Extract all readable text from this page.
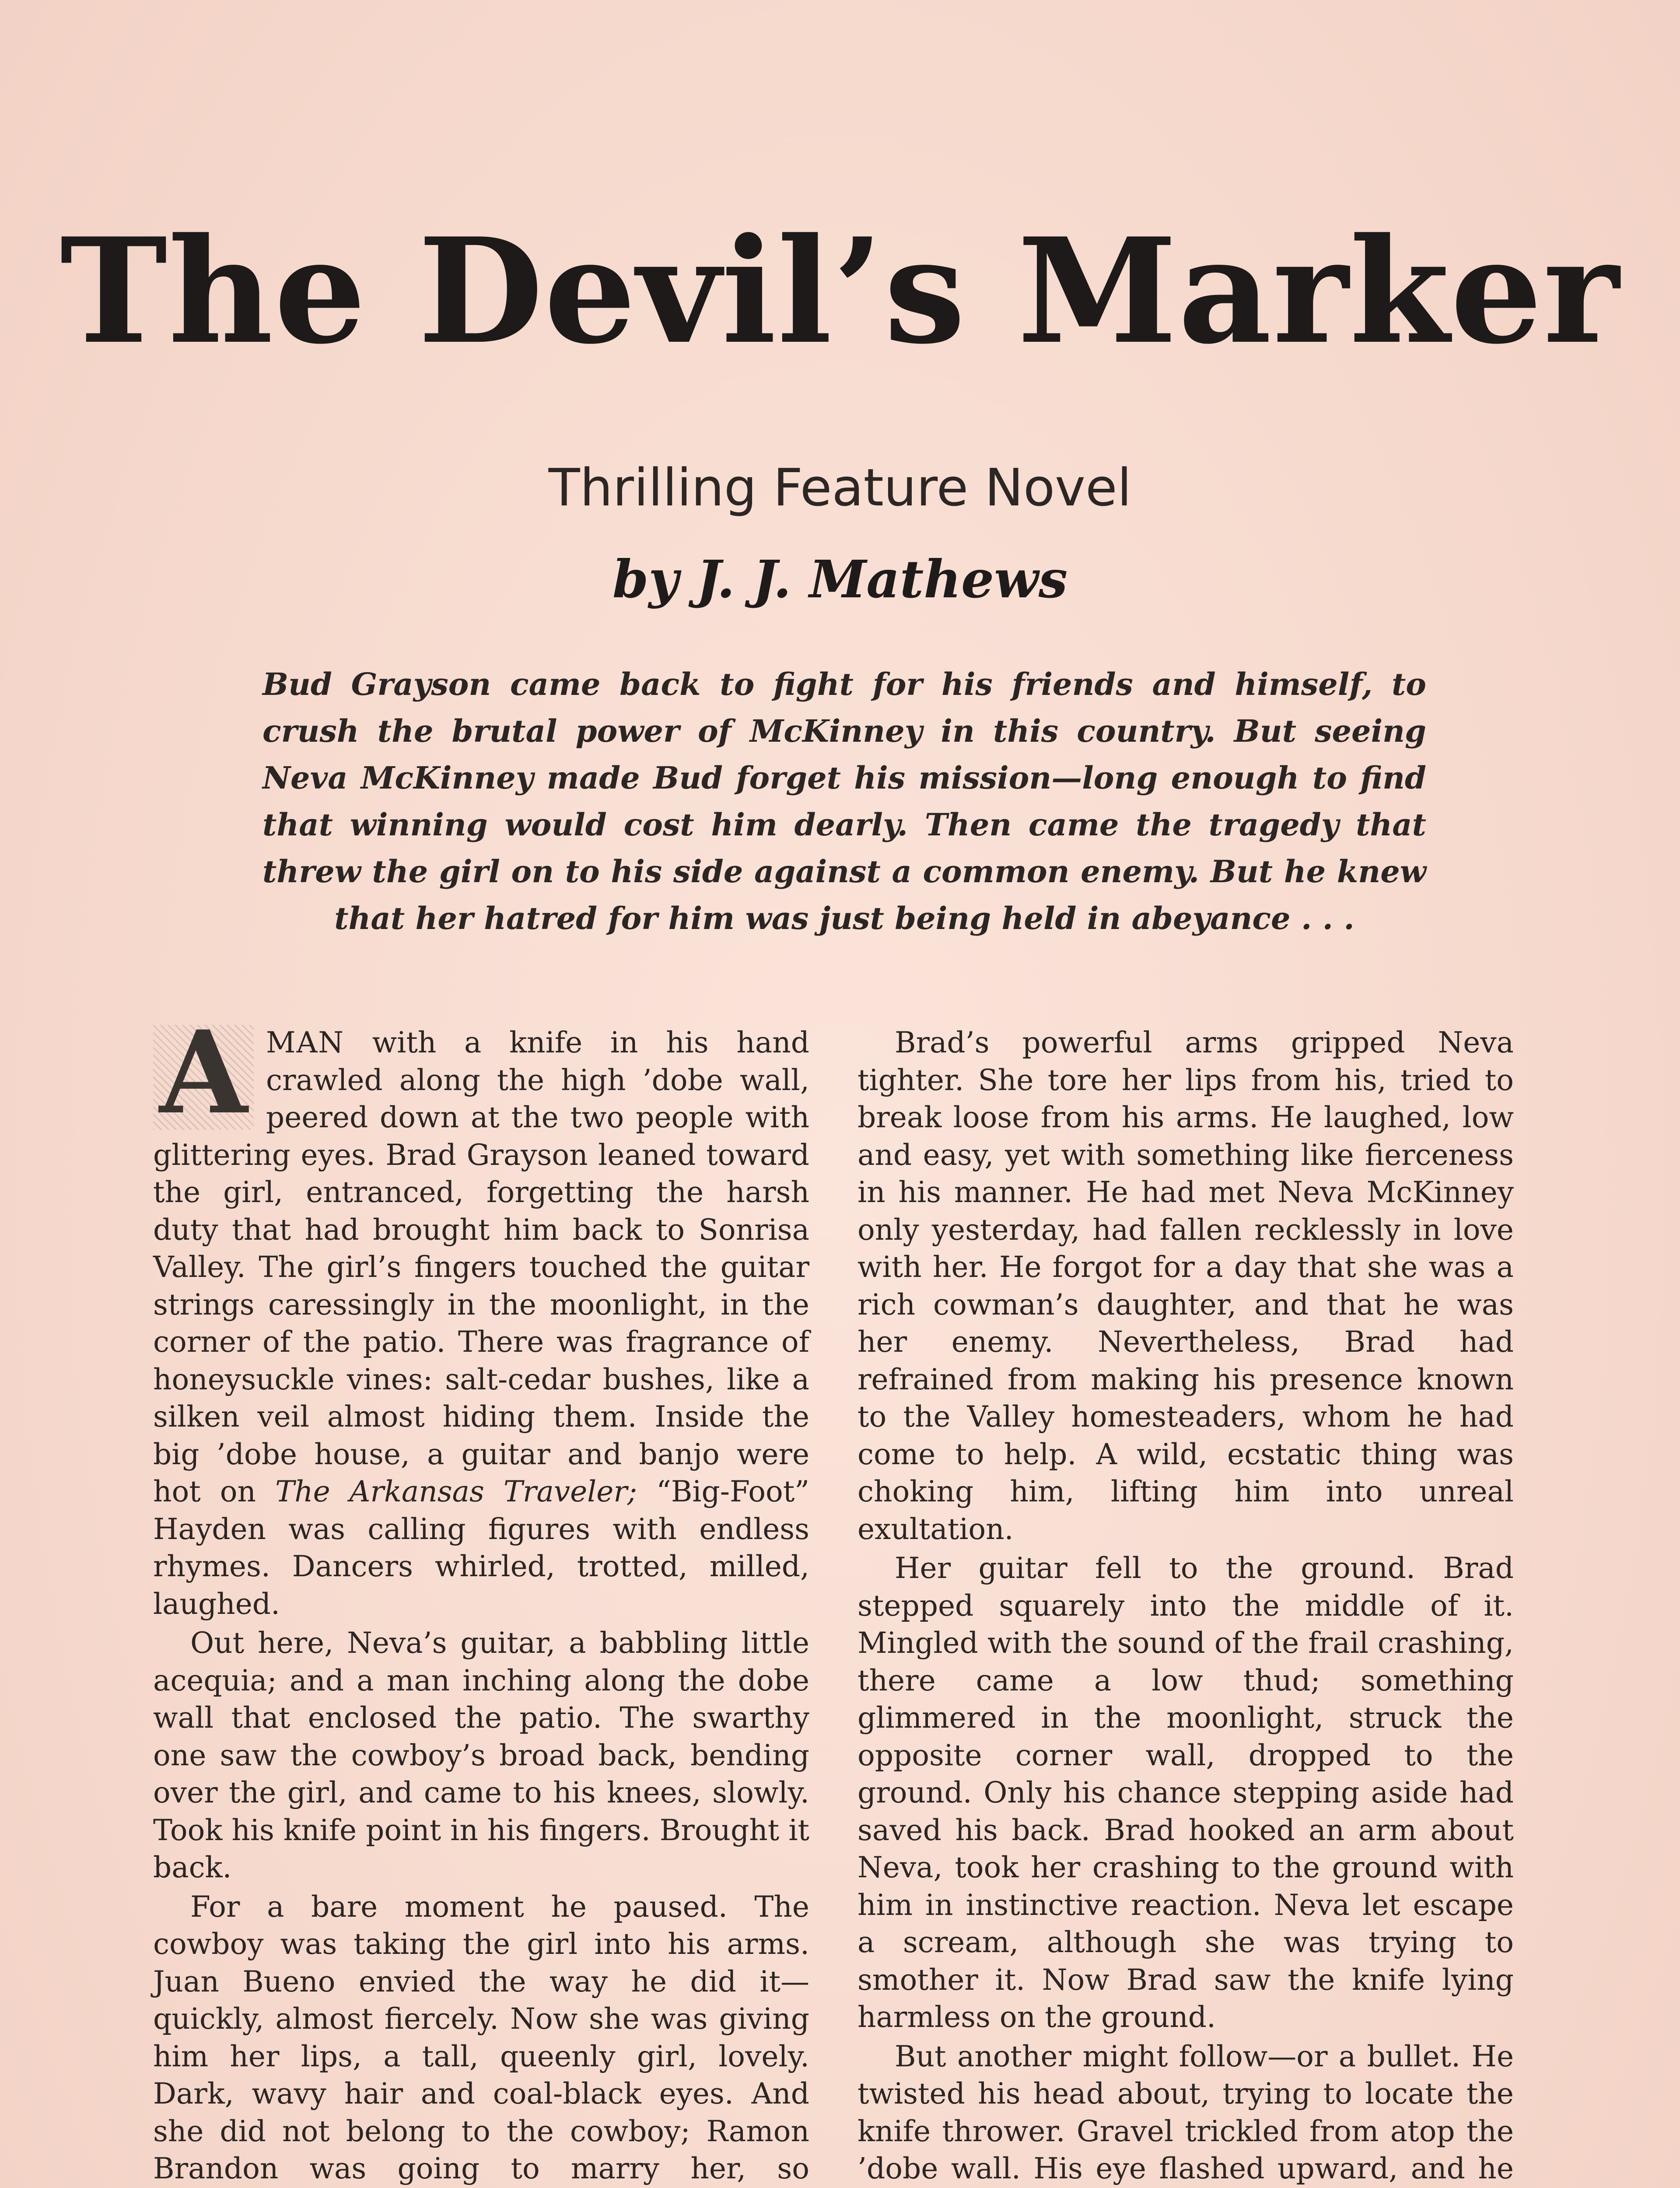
The Devil’s Marker
Thrilling Feature Novel
by J. J. Mathews
Bud Grayson came back to fight for his friends and himself, to crush the brutal power of McKinney in this country. But seeing Neva McKinney made Bud forget his mission—long enough to find that winning would cost him dearly. Then came the tragedy that threw the girl on to his side against a common enemy. But he knew that her hatred for him was just being held in abeyance . . .

A MAN with a knife in his hand crawled along the high ’dobe wall, peered down at the two people with glittering eyes. Brad Grayson leaned toward the girl, entranced, forgetting the harsh duty that had brought him back to Sonrisa Valley. The girl’s fingers touched the guitar strings caressingly in the moonlight, in the corner of the patio. There was fragrance of honeysuckle vines: salt-cedar bushes, like a silken veil almost hiding them. Inside the big ’dobe house, a guitar and banjo were hot on The Arkansas Traveler; “Big-Foot” Hayden was calling figures with endless rhymes. Dancers whirled, trotted, milled, laughed.

Out here, Neva’s guitar, a babbling little acequia; and a man inching along the dobe wall that enclosed the patio. The swarthy one saw the cowboy’s broad back, bending over the girl, and came to his knees, slowly. Took his knife point in his fingers. Brought it back.

For a bare moment he paused. The cowboy was taking the girl into his arms. Juan Bueno envied the way he did it—quickly, almost fiercely. Now she was giving him her lips, a tall, queenly girl, lovely. Dark, wavy hair and coal-black eyes. And she did not belong to the cowboy; Ramon Brandon was going to marry her, so

Brad’s powerful arms gripped Neva tighter. She tore her lips from his, tried to break loose from his arms. He laughed, low and easy, yet with something like fierceness in his manner. He had met Neva McKinney only yesterday, had fallen recklessly in love with her. He forgot for a day that she was a rich cowman’s daughter, and that he was her enemy. Nevertheless, Brad had refrained from making his presence known to the Valley homesteaders, whom he had come to help. A wild, ecstatic thing was choking him, lifting him into unreal exultation.

Her guitar fell to the ground. Brad stepped squarely into the middle of it. Mingled with the sound of the frail crashing, there came a low thud; something glimmered in the moonlight, struck the opposite corner wall, dropped to the ground. Only his chance stepping aside had saved his back. Brad hooked an arm about Neva, took her crashing to the ground with him in instinctive reaction. Neva let escape a scream, although she was trying to smother it. Now Brad saw the knife lying harmless on the ground.

But another might follow—or a bullet. He twisted his head about, trying to locate the knife thrower. Gravel trickled from atop the ’dobe wall. His eye flashed upward, and he
